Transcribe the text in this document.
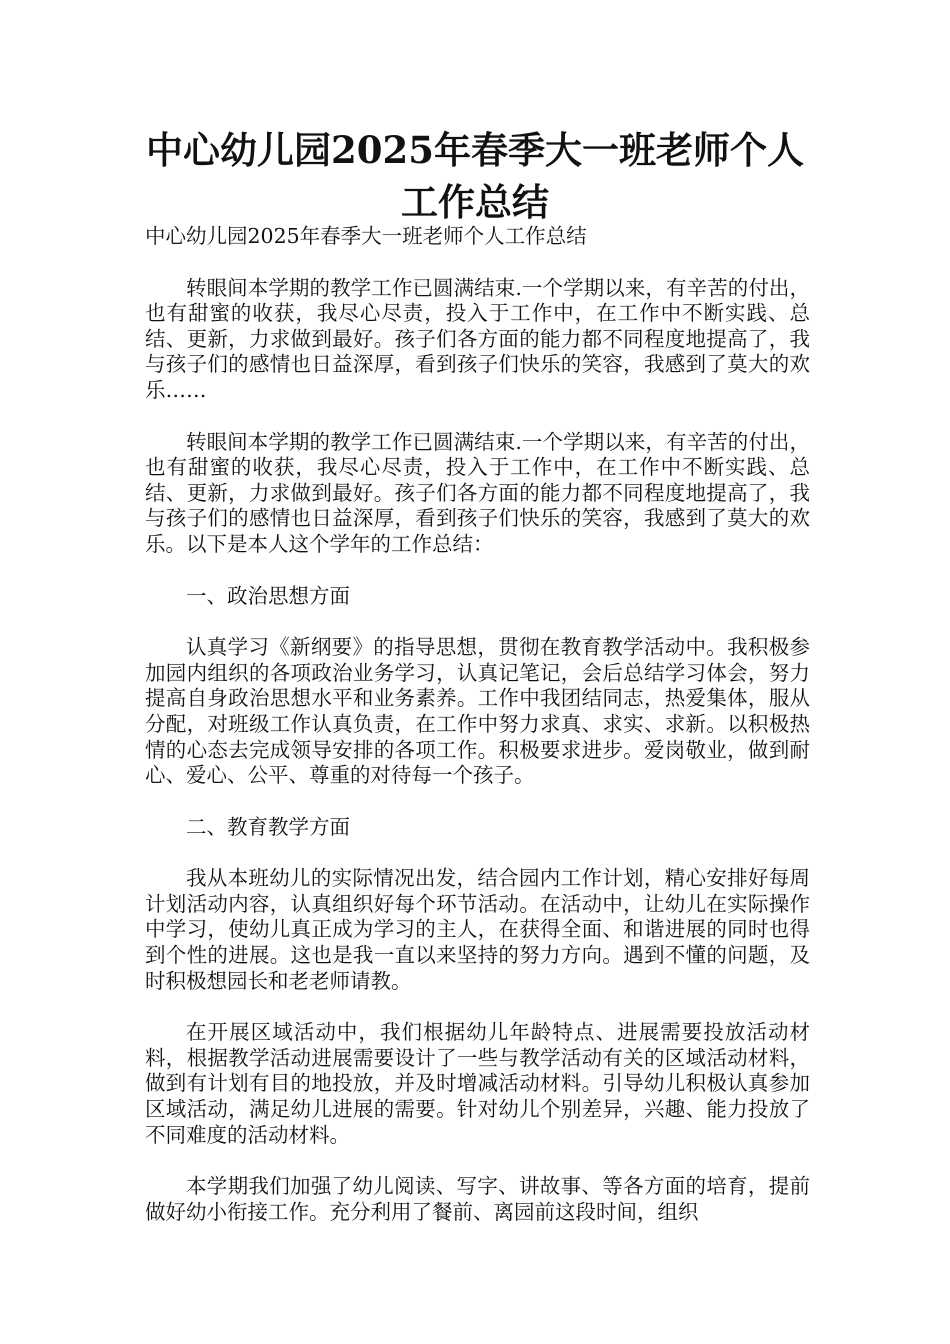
中心幼儿园2025年春季大一班老师个人工作总结

中心幼儿园2025年春季大一班老师个人工作总结

转眼间本学期的教学工作已圆满结束.一个学期以来，有辛苦的付出，也有甜蜜的收获，我尽心尽责，投入于工作中，在工作中不断实践、总结、更新，力求做到最好。孩子们各方面的能力都不同程度地提高了，我与孩子们的感情也日益深厚，看到孩子们快乐的笑容，我感到了莫大的欢乐……

转眼间本学期的教学工作已圆满结束.一个学期以来，有辛苦的付出，也有甜蜜的收获，我尽心尽责，投入于工作中，在工作中不断实践、总结、更新，力求做到最好。孩子们各方面的能力都不同程度地提高了，我与孩子们的感情也日益深厚，看到孩子们快乐的笑容，我感到了莫大的欢乐。以下是本人这个学年的工作总结：

一、政治思想方面

认真学习《新纲要》的指导思想，贯彻在教育教学活动中。我积极参加园内组织的各项政治业务学习，认真记笔记，会后总结学习体会，努力提高自身政治思想水平和业务素养。工作中我团结同志，热爱集体，服从分配，对班级工作认真负责，在工作中努力求真、求实、求新。以积极热情的心态去完成领导安排的各项工作。积极要求进步。爱岗敬业，做到耐心、爱心、公平、尊重的对待每一个孩子。

二、教育教学方面

我从本班幼儿的实际情况出发，结合园内工作计划，精心安排好每周计划活动内容，认真组织好每个环节活动。在活动中，让幼儿在实际操作中学习，使幼儿真正成为学习的主人，在获得全面、和谐进展的同时也得到个性的进展。这也是我一直以来坚持的努力方向。遇到不懂的问题，及时积极想园长和老老师请教。

在开展区域活动中，我们根据幼儿年龄特点、进展需要投放活动材料，根据教学活动进展需要设计了一些与教学活动有关的区域活动材料，做到有计划有目的地投放，并及时增减活动材料。引导幼儿积极认真参加区域活动，满足幼儿进展的需要。针对幼儿个别差异，兴趣、能力投放了不同难度的活动材料。

本学期我们加强了幼儿阅读、写字、讲故事、等各方面的培育，提前做好幼小衔接工作。充分利用了餐前、离园前这段时间，组织
